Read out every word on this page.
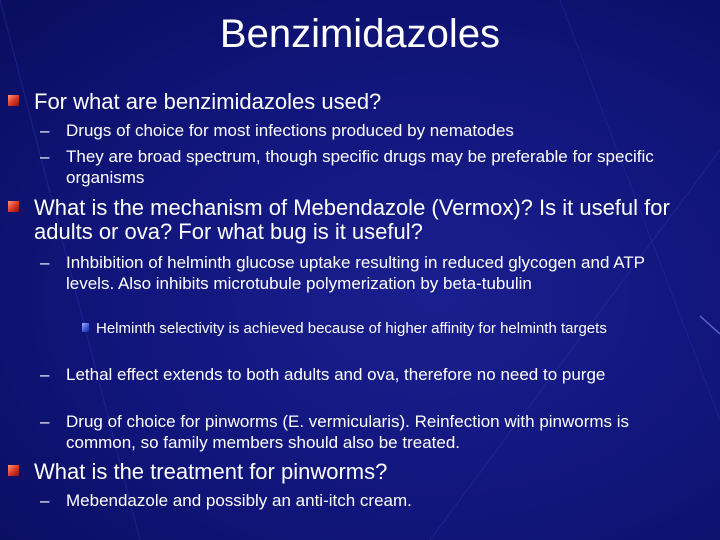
Benzimidazoles
For what are benzimidazoles used?
– Drugs of choice for most infections produced by nematodes
– They are broad spectrum, though specific drugs may be preferable for specific organisms
What is the mechanism of Mebendazole (Vermox)? Is it useful for adults or ova? For what bug is it useful?
– Inhbibition of helminth glucose uptake resulting in reduced glycogen and ATP levels. Also inhibits microtubule polymerization by beta-tubulin
Helminth selectivity is achieved because of higher affinity for helminth targets
– Lethal effect extends to both adults and ova, therefore no need to purge
– Drug of choice for pinworms (E. vermicularis). Reinfection with pinworms is common, so family members should also be treated.
What is the treatment for pinworms?
– Mebendazole and possibly an anti-itch cream.
